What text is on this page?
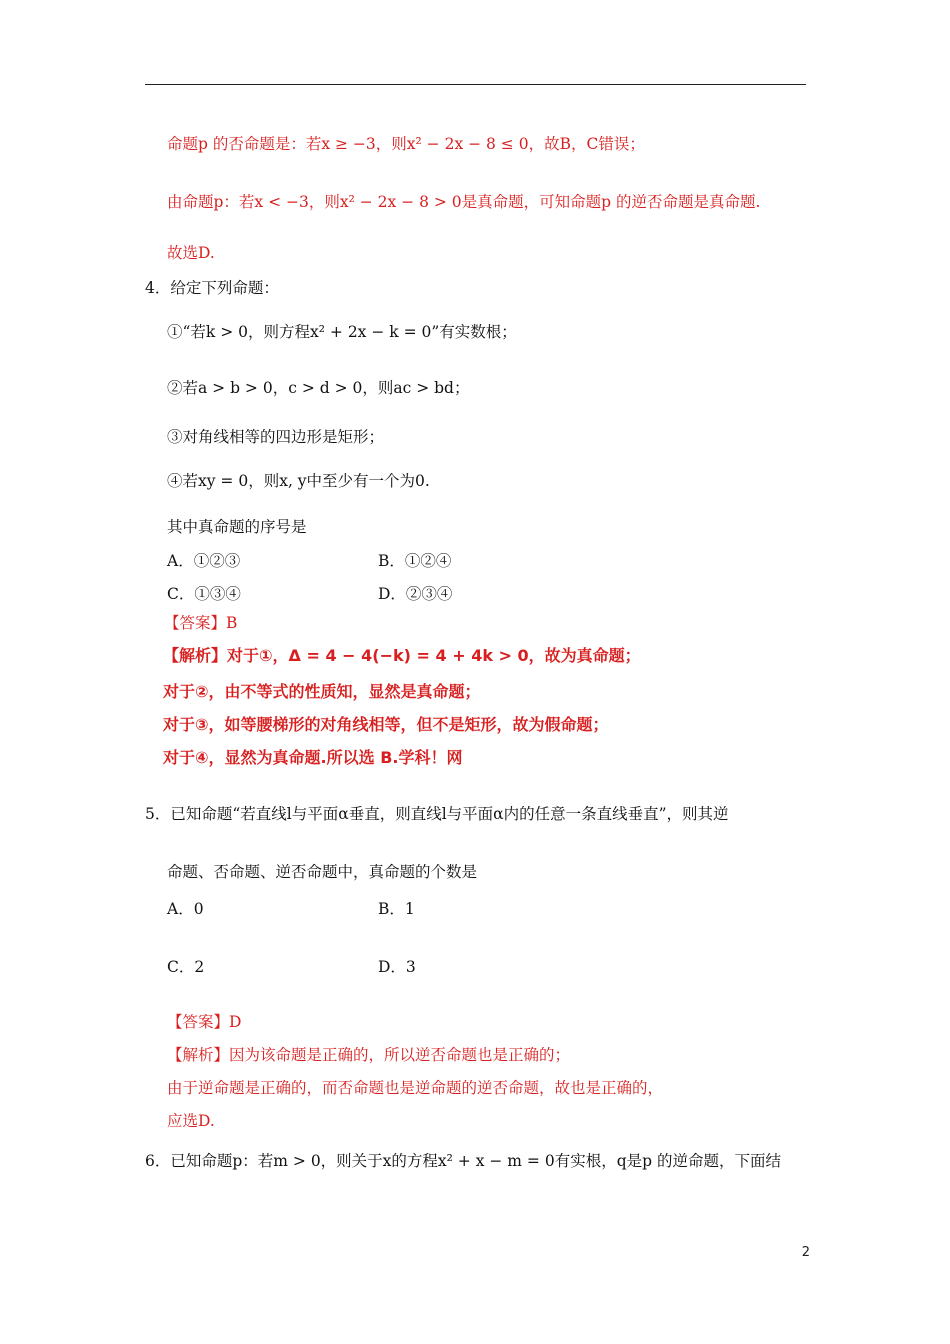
命题p 的否命题是：若x ≥ −3，则x² − 2x − 8 ≤ 0，故B，C错误；
由命题p：若x < −3，则x² − 2x − 8 > 0是真命题，可知命题p 的逆否命题是真命题.
故选D.
4．给定下列命题：
①“若k > 0，则方程x² + 2x − k = 0”有实数根；
②若a > b > 0，c > d > 0，则ac > bd；
③对角线相等的四边形是矩形；
④若xy = 0，则x, y中至少有一个为0.
其中真命题的序号是
A．①②③	B．①②④
C．①③④	D．②③④
【答案】B
【解析】对于①，Δ = 4 − 4(−k) = 4 + 4k > 0，故为真命题；
对于②，由不等式的性质知，显然是真命题；
对于③，如等腰梯形的对角线相等，但不是矩形，故为假命题；
对于④，显然为真命题.所以选 B.学科！网
5．已知命题“若直线l与平面α垂直，则直线l与平面α内的任意一条直线垂直”，则其逆
命题、否命题、逆否命题中，真命题的个数是
A．0	B．1
C．2	D．3
【答案】D
【解析】因为该命题是正确的，所以逆否命题也是正确的；
由于逆命题是正确的，而否命题也是逆命题的逆否命题，故也是正确的，
应选D.
6．已知命题p：若m > 0，则关于x的方程x² + x − m = 0有实根，q是p 的逆命题，下面结
2
